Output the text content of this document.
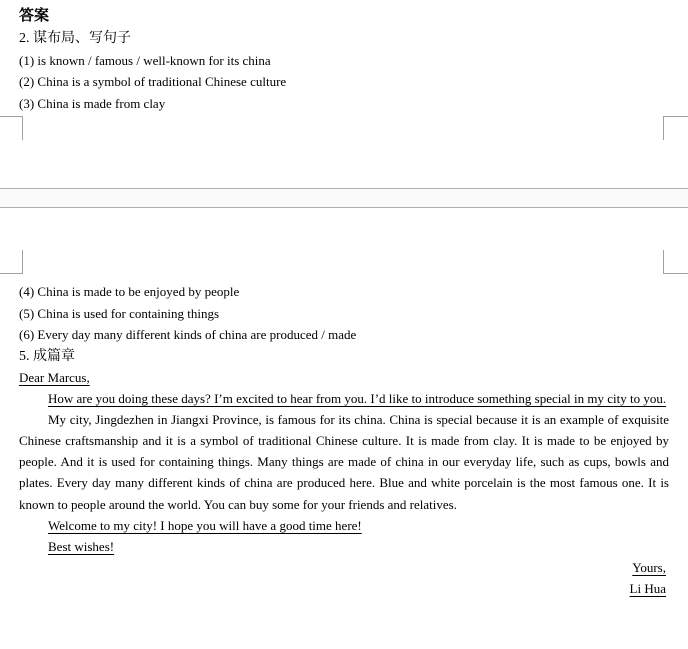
答案
2. 谋布局、写句子
(1) is known / famous / well-known for its china
(2) China is a symbol of traditional Chinese culture
(3) China is made from clay
(4) China is made to be enjoyed by people
(5) China is used for containing things
(6) Every day many different kinds of china are produced / made
5. 成篇章

Dear Marcus,

How are you doing these days? I’m excited to hear from you. I’d like to introduce something special in my city to you.

My city, Jingdezhen in Jiangxi Province, is famous for its china. China is special because it is an example of exquisite Chinese craftsmanship and it is a symbol of traditional Chinese culture. It is made from clay. It is made to be enjoyed by people. And it is used for containing things. Many things are made of china in our everyday life, such as cups, bowls and plates. Every day many different kinds of china are produced here. Blue and white porcelain is the most famous one. It is known to people around the world. You can buy some for your friends and relatives.

Welcome to my city! I hope you will have a good time here!

Best wishes!

Yours,

Li Hua
